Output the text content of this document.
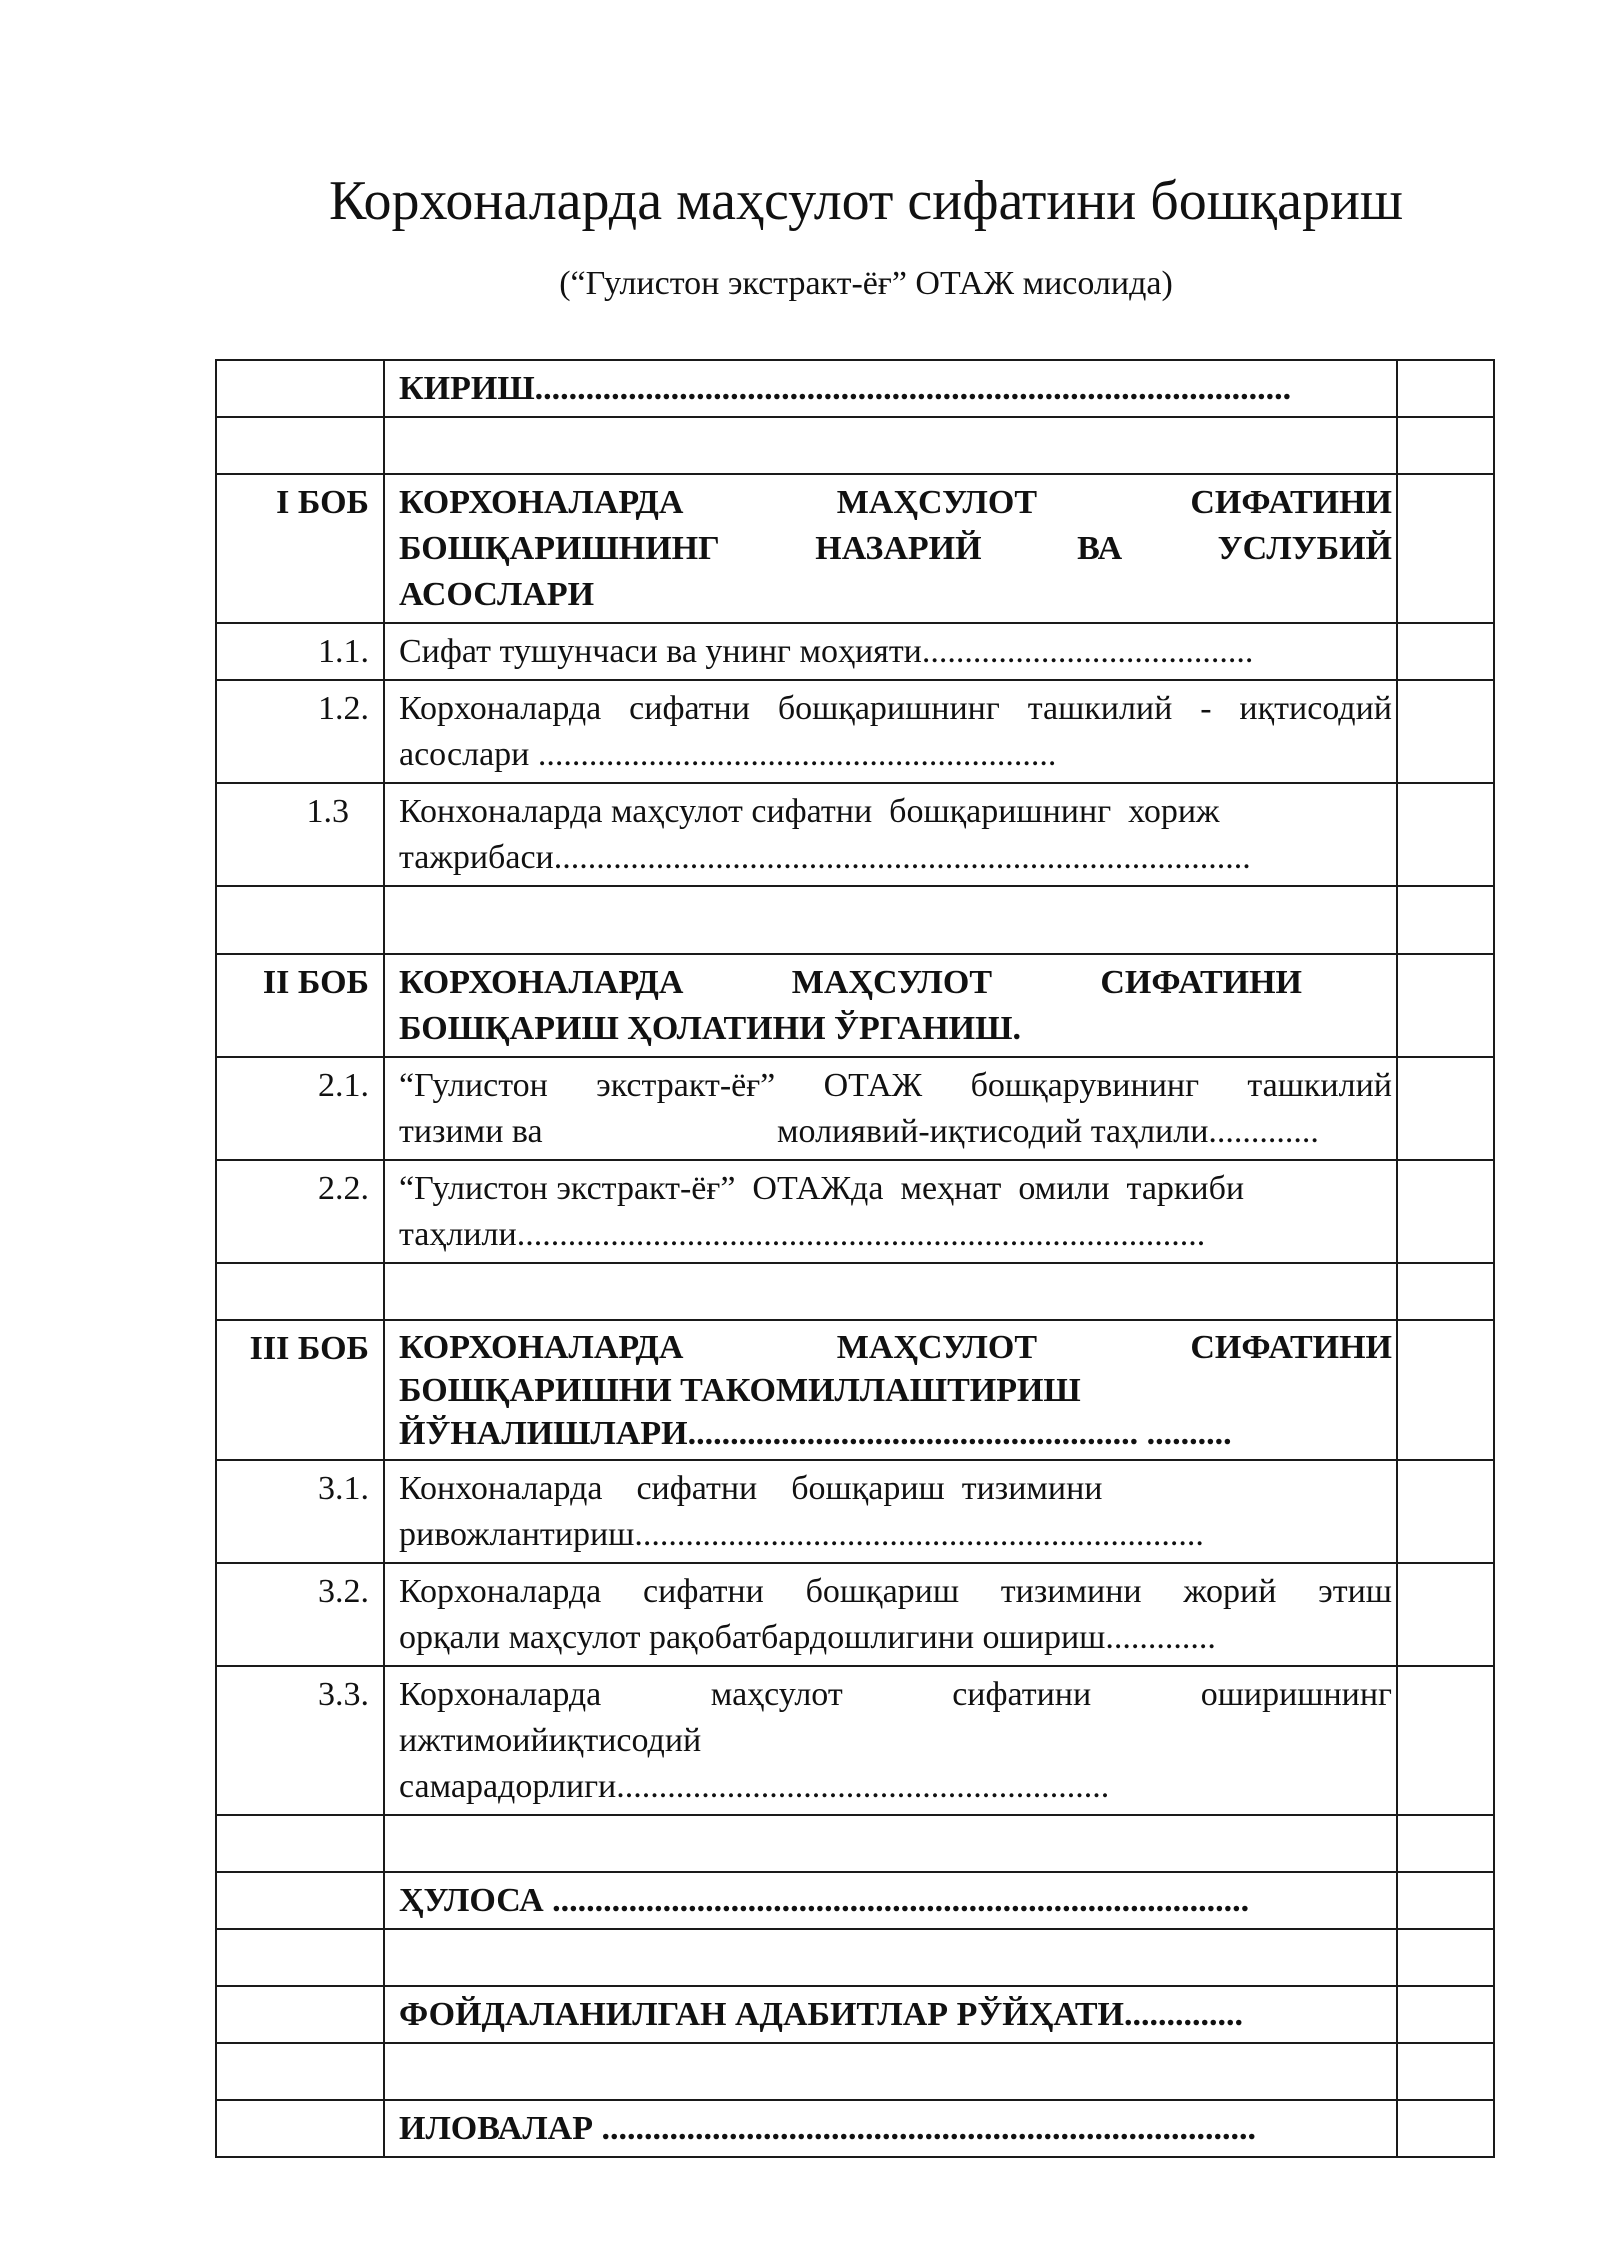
Корхоналарда маҳсулот сифатини бошқариш
(“Гулистон экстракт-ёғ” ОТАЖ мисолида)

	КИРИШ.........................................................................................	

I БОБ	КОРХОНАЛАРДА МАҲСУЛОТ СИФАТИНИ
БОШҚАРИШНИНГ НАЗАРИЙ ВА УСЛУБИЙ
АСОСЛАРИ	

1.1.	Сифат тушунчаси ва унинг моҳияти.......................................	

1.2.	Корхоналарда сифатни бошқаришнинг ташкилий - иқтисодий
асослари .............................................................	

1.3	Конхоналарда маҳсулот сифатни  бошқаришнинг  хориж
тажрибаси..................................................................................	

II БОБ	КОРХОНАЛАРДА МАҲСУЛОТ СИФАТИНИ
БОШҚАРИШ ҲОЛАТИНИ ЎРГАНИШ.	

2.1.	“Гулистон экстракт-ёғ” ОТАЖ бошқарувининг ташкилий
тизими ва молиявий-иқтисодий таҳлили.............	

2.2.	“Гулистон экстракт-ёғ”  ОТАЖда  меҳнат  омили  таркиби
таҳлили.................................................................................	

III БОБ	КОРХОНАЛАРДА МАҲСУЛОТ СИФАТИНИ
БОШҚАРИШНИ ТАКОМИЛЛАШТИРИШ
ЙЎНАЛИШЛАРИ..................................................... ..........	

3.1.	Конхоналарда    сифатни    бошқариш  тизимини
ривожлантириш...................................................................	

3.2.	Корхоналарда сифатни бошқариш тизимини жорий этиш
орқали маҳсулот рақобатбардошлигини ошириш.............	

3.3.	Корхоналарда маҳсулот сифатини оширишнинг
ижтимоийиқтисодий
самарадорлиги..........................................................	

	ҲУЛОСА ..................................................................................	

	ФОЙДАЛАНИЛГАН АДАБИТЛАР РЎЙҲАТИ..............	

	ИЛОВАЛАР .............................................................................	
